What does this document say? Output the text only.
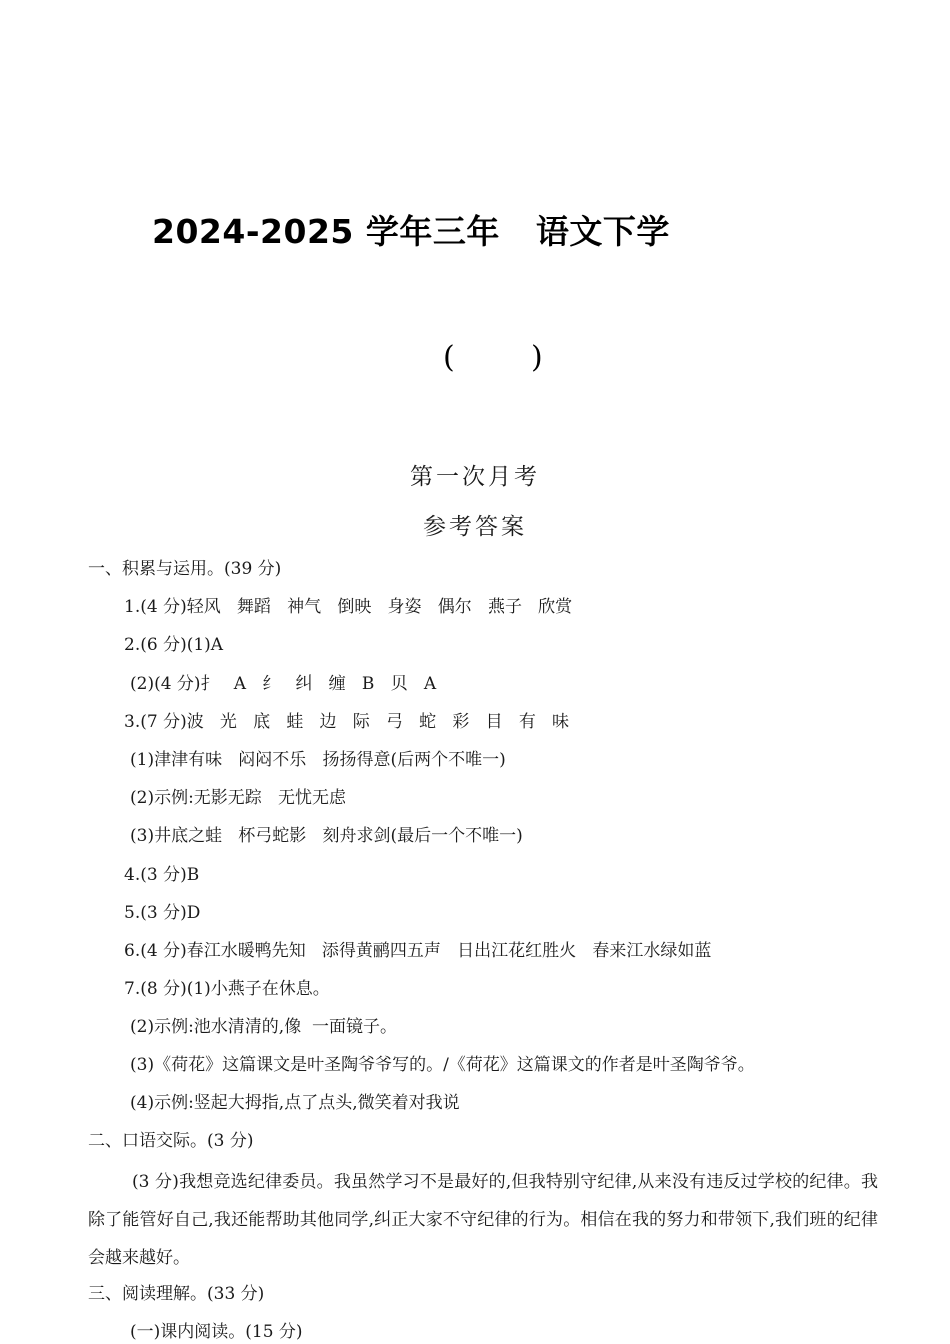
2024-2025 学年三年   语文下学
(        )
第一次月考
参考答案
一、积累与运用。(39 分)
1.(4 分)轻风   舞蹈   神气   倒映   身姿   偶尔   燕子   欣赏
2.(6 分)(1)A
(2)(4 分)扌   A   纟   纠   缠   B   贝   A
3.(7 分)波   光   底   蛙   边   际   弓   蛇   彩   目   有   味
(1)津津有味   闷闷不乐   扬扬得意(后两个不唯一)
(2)示例:无影无踪   无忧无虑
(3)井底之蛙   杯弓蛇影   刻舟求剑(最后一个不唯一)
4.(3 分)B
5.(3 分)D
6.(4 分)春江水暖鸭先知   添得黄鹂四五声   日出江花红胜火   春来江水绿如蓝
7.(8 分)(1)小燕子在休息。
(2)示例:池水清清的,像  一面镜子。
(3)《荷花》这篇课文是叶圣陶爷爷写的。/《荷花》这篇课文的作者是叶圣陶爷爷。
(4)示例:竖起大拇指,点了点头,微笑着对我说
二、口语交际。(3 分)
(3 分)我想竞选纪律委员。我虽然学习不是最好的,但我特别守纪律,从来没有违反过学校的纪律。我除了能管好自己,我还能帮助其他同学,纠正大家不守纪律的行为。相信在我的努力和带领下,我们班的纪律会越来越好。
三、阅读理解。(33 分)
(一)课内阅读。(15 分)
